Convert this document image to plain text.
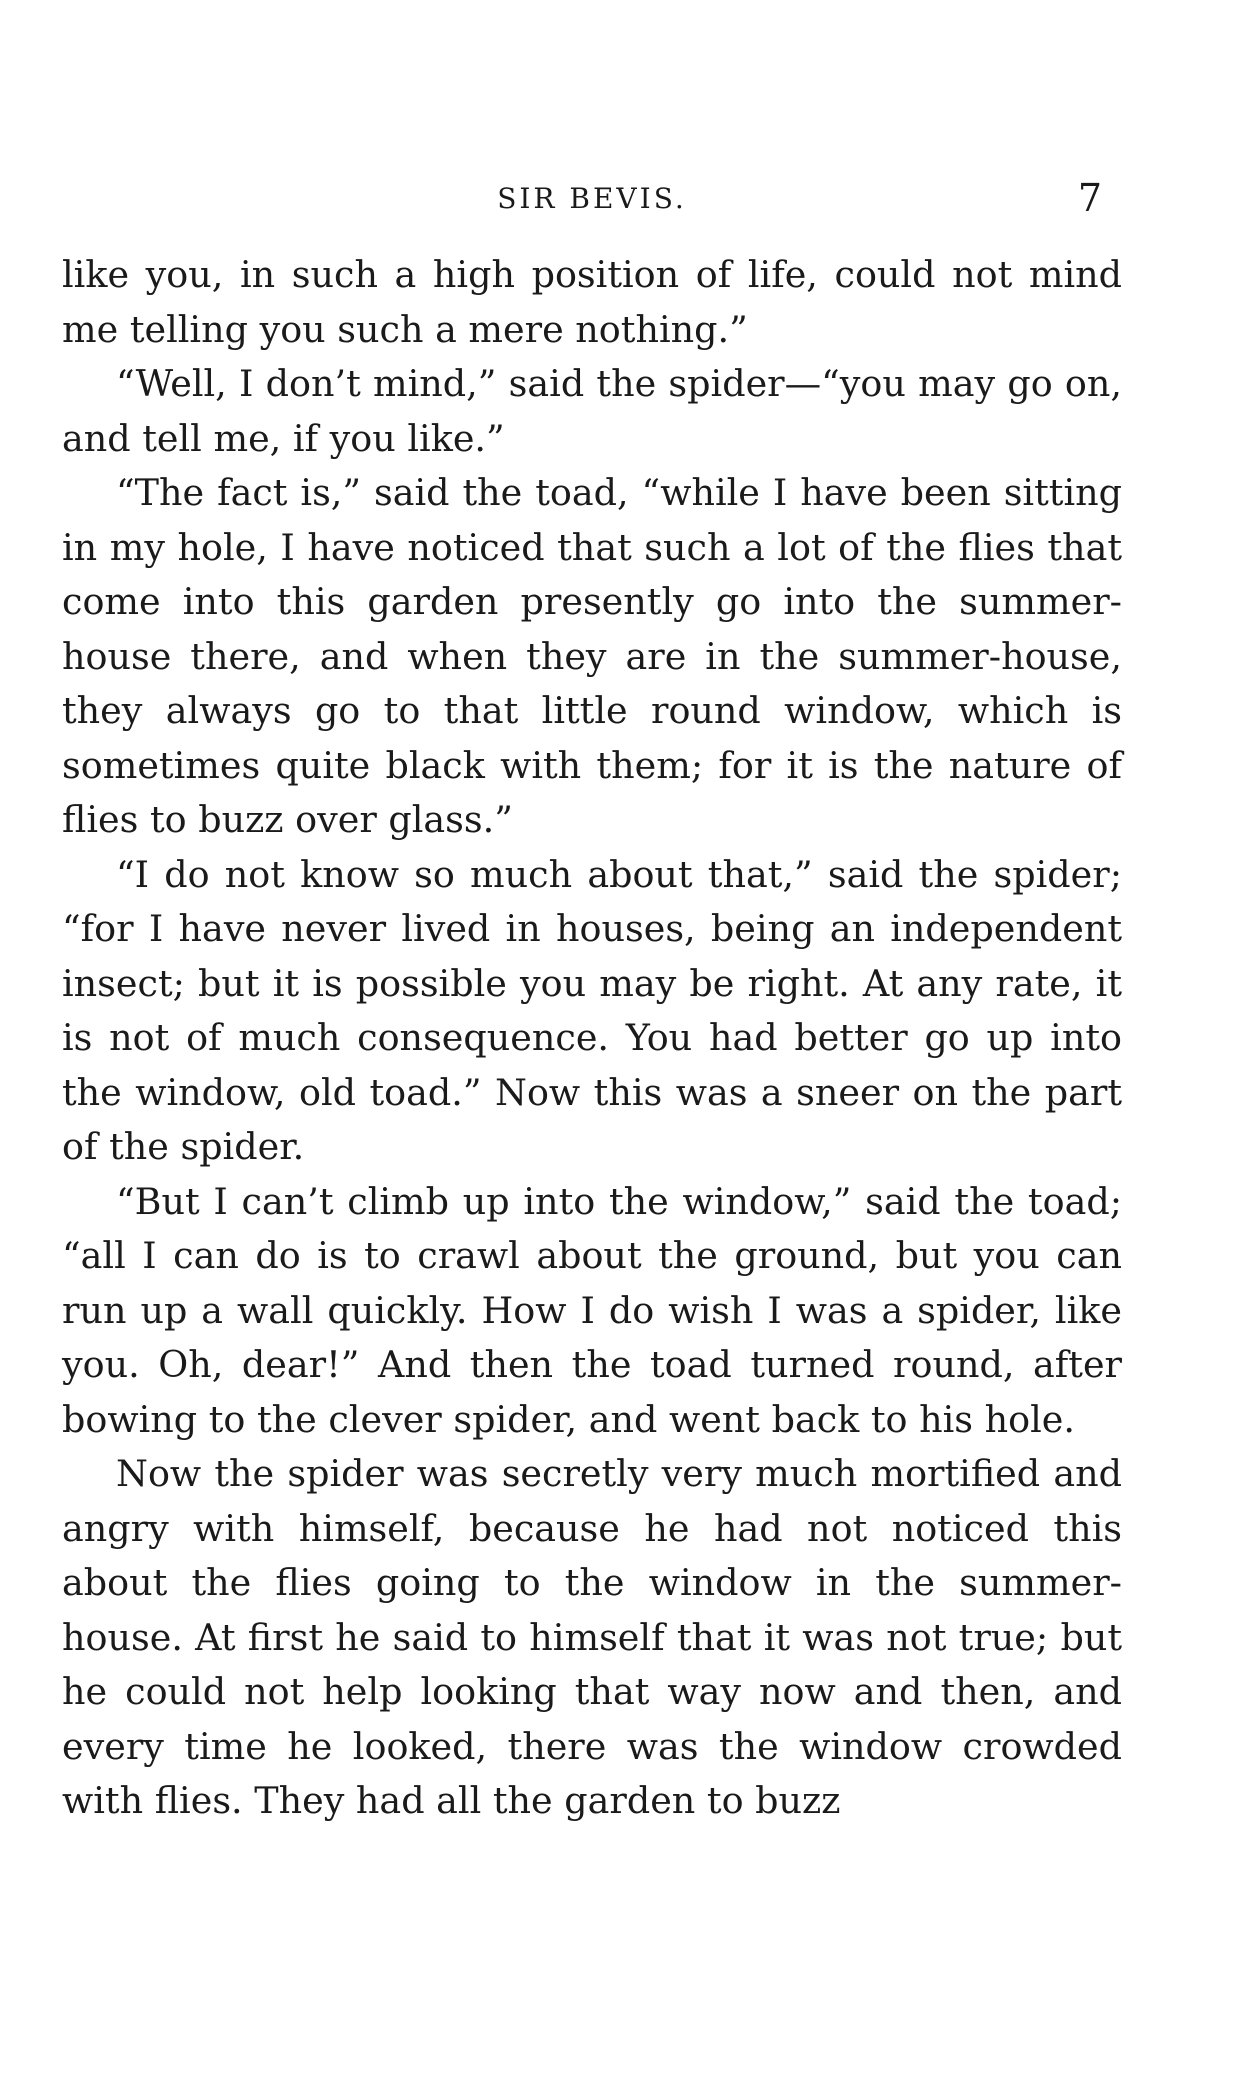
SIR BEVIS.	7

like you, in such a high position of life, could not mind me telling you such a mere nothing.”

“Well, I don’t mind,” said the spider—“you may go on, and tell me, if you like.”

“The fact is,” said the toad, “while I have been sitting in my hole, I have noticed that such a lot of the flies that come into this garden presently go into the summer-house there, and when they are in the summer-house, they always go to that little round window, which is sometimes quite black with them; for it is the nature of flies to buzz over glass.”

“I do not know so much about that,” said the spider; “for I have never lived in houses, being an independent insect; but it is possible you may be right. At any rate, it is not of much consequence. You had better go up into the window, old toad.” Now this was a sneer on the part of the spider.

“But I can’t climb up into the window,” said the toad; “all I can do is to crawl about the ground, but you can run up a wall quickly. How I do wish I was a spider, like you. Oh, dear!” And then the toad turned round, after bowing to the clever spider, and went back to his hole.

Now the spider was secretly very much mortified and angry with himself, because he had not noticed this about the flies going to the window in the summer-house. At first he said to himself that it was not true; but he could not help looking that way now and then, and every time he looked, there was the window crowded with flies. They had all the garden to buzz
